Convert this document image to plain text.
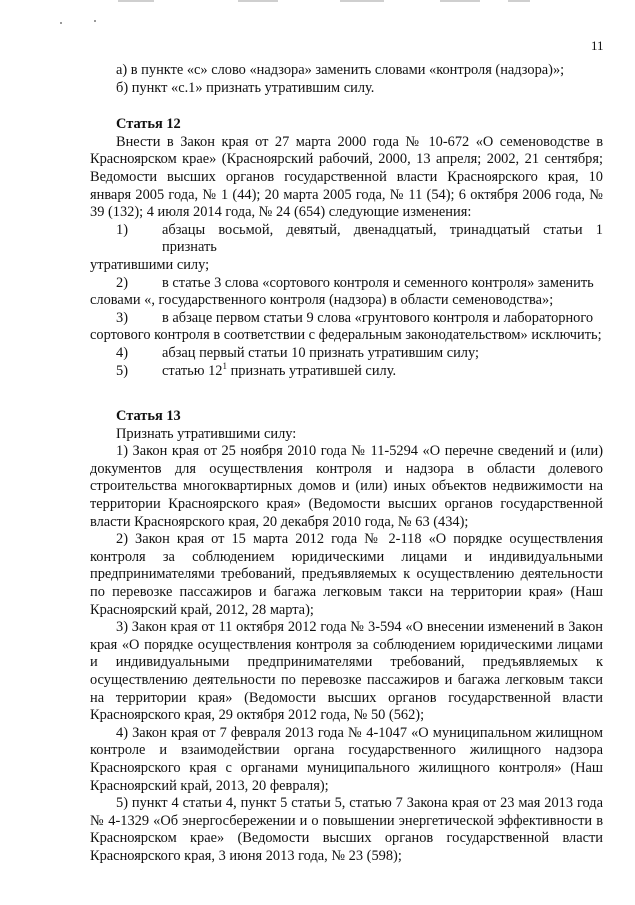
11

а) в пункте «с» слово «надзора» заменить словами «контроля (надзора)»;

б) пункт «с.1» признать утратившим силу.

Статья 12

Внести в Закон края от 27 марта 2000 года № 10-672 «О семеноводстве в Красноярском крае» (Красноярский рабочий, 2000, 13 апреля; 2002, 21 сентября; Ведомости высших органов государственной власти Красноярского края, 10 января 2005 года, № 1 (44); 20 марта 2005 года, № 11 (54); 6 октября 2006 года, № 39 (132); 4 июля 2014 года, № 24 (654) следующие изменения:

1)	абзацы восьмой, девятый, двенадцатый, тринадцатый статьи 1 признать

утратившими силу;

2)	в статье 3 слова «сортового контроля и семенного контроля» заменить

словами «, государственного контроля (надзора) в области семеноводства»;

3)	в абзаце первом статьи 9 слова «грунтового контроля и лабораторного

сортового контроля в соответствии с федеральным законодательством» исключить;

4)	абзац первый статьи 10 признать утратившим силу;
5)	статью $12^1$ признать утратившей силу.

Статья 13

Признать утратившими силу:

1) Закон края от 25 ноября 2010 года № 11-5294 «О перечне сведений и (или) документов для осуществления контроля и надзора в области долевого строительства многоквартирных домов и (или) иных объектов недвижимости на территории Красноярского края» (Ведомости высших органов государственной власти Красноярского края, 20 декабря 2010 года, № 63 (434);

2) Закон края от 15 марта 2012 года № 2-118 «О порядке осуществления контроля за соблюдением юридическими лицами и индивидуальными предпринимателями требований, предъявляемых к осуществлению деятельности по перевозке пассажиров и багажа легковым такси на территории края» (Наш Красноярский край, 2012, 28 марта);

3) Закон края от 11 октября 2012 года № 3-594 «О внесении изменений в Закон края «О порядке осуществления контроля за соблюдением юридическими лицами и индивидуальными предпринимателями требований, предъявляемых к осуществлению деятельности по перевозке пассажиров и багажа легковым такси на территории края» (Ведомости высших органов государственной власти Красноярского края, 29 октября 2012 года, № 50 (562);

4) Закон края от 7 февраля 2013 года № 4-1047 «О муниципальном жилищном контроле и взаимодействии органа государственного жилищного надзора Красноярского края с органами муниципального жилищного контроля» (Наш Красноярский край, 2013, 20 февраля);

5) пункт 4 статьи 4, пункт 5 статьи 5, статью 7 Закона края от 23 мая 2013 года № 4-1329 «Об энергосбережении и о повышении энергетической эффективности в Красноярском крае» (Ведомости высших органов государственной власти Красноярского края, 3 июня 2013 года, № 23 (598);
